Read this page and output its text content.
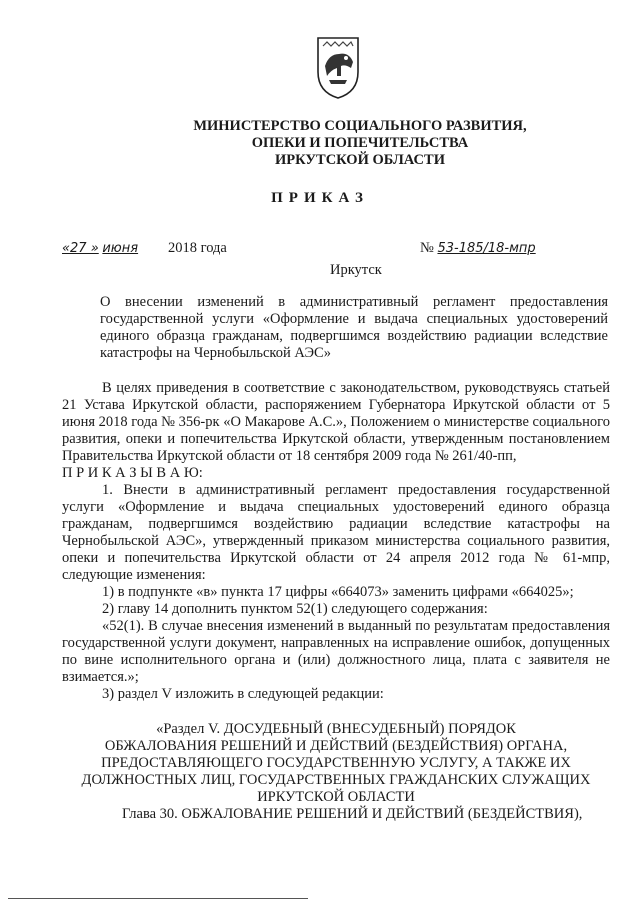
МИНИСТЕРСТВО СОЦИАЛЬНОГО РАЗВИТИЯ,
ОПЕКИ И ПОПЕЧИТЕЛЬСТВА
ИРКУТСКОЙ ОБЛАСТИ
ПРИКАЗ
«27 » июня 2018 года	№ 53-185/18-мпр
Иркутск
О внесении изменений в административный регламент предоставления государственной услуги «Оформление и выдача специальных удостоверений единого образца гражданам, подвергшимся воздействию радиации вследствие катастрофы на Чернобыльской АЭС»

В целях приведения в соответствие с законодательством, руководствуясь статьей 21 Устава Иркутской области, распоряжением Губернатора Иркутской области от 5 июня 2018 года № 356-рк «О Макарове А.С.», Положением о министерстве социального развития, опеки и попечительства Иркутской области, утвержденным постановлением Правительства Иркутской области от 18 сентября 2009 года № 261/40-пп,

П Р И К А З Ы В А Ю:

1. Внести в административный регламент предоставления государственной услуги «Оформление и выдача специальных удостоверений единого образца гражданам, подвергшимся воздействию радиации вследствие катастрофы на Чернобыльской АЭС», утвержденный приказом министерства социального развития, опеки и попечительства Иркутской области от 24 апреля 2012 года № 61-мпр, следующие изменения:

1) в подпункте «в» пункта 17 цифры «664073» заменить цифрами «664025»;

2) главу 14 дополнить пунктом 52(1) следующего содержания:

«52(1). В случае внесения изменений в выданный по результатам предоставления государственной услуги документ, направленных на исправление ошибок, допущенных по вине исполнительного органа и (или) должностного лица, плата с заявителя не взимается.»;

3) раздел V изложить в следующей редакции:

«Раздел V. ДОСУДЕБНЫЙ (ВНЕСУДЕБНЫЙ) ПОРЯДОК
ОБЖАЛОВАНИЯ РЕШЕНИЙ И ДЕЙСТВИЙ (БЕЗДЕЙСТВИЯ) ОРГАНА,
ПРЕДОСТАВЛЯЮЩЕГО ГОСУДАРСТВЕННУЮ УСЛУГУ, А ТАКЖЕ ИХ
ДОЛЖНОСТНЫХ ЛИЦ, ГОСУДАРСТВЕННЫХ ГРАЖДАНСКИХ СЛУЖАЩИХ
ИРКУТСКОЙ ОБЛАСТИ

Глава 30. ОБЖАЛОВАНИЕ РЕШЕНИЙ И ДЕЙСТВИЙ (БЕЗДЕЙСТВИЯ),
